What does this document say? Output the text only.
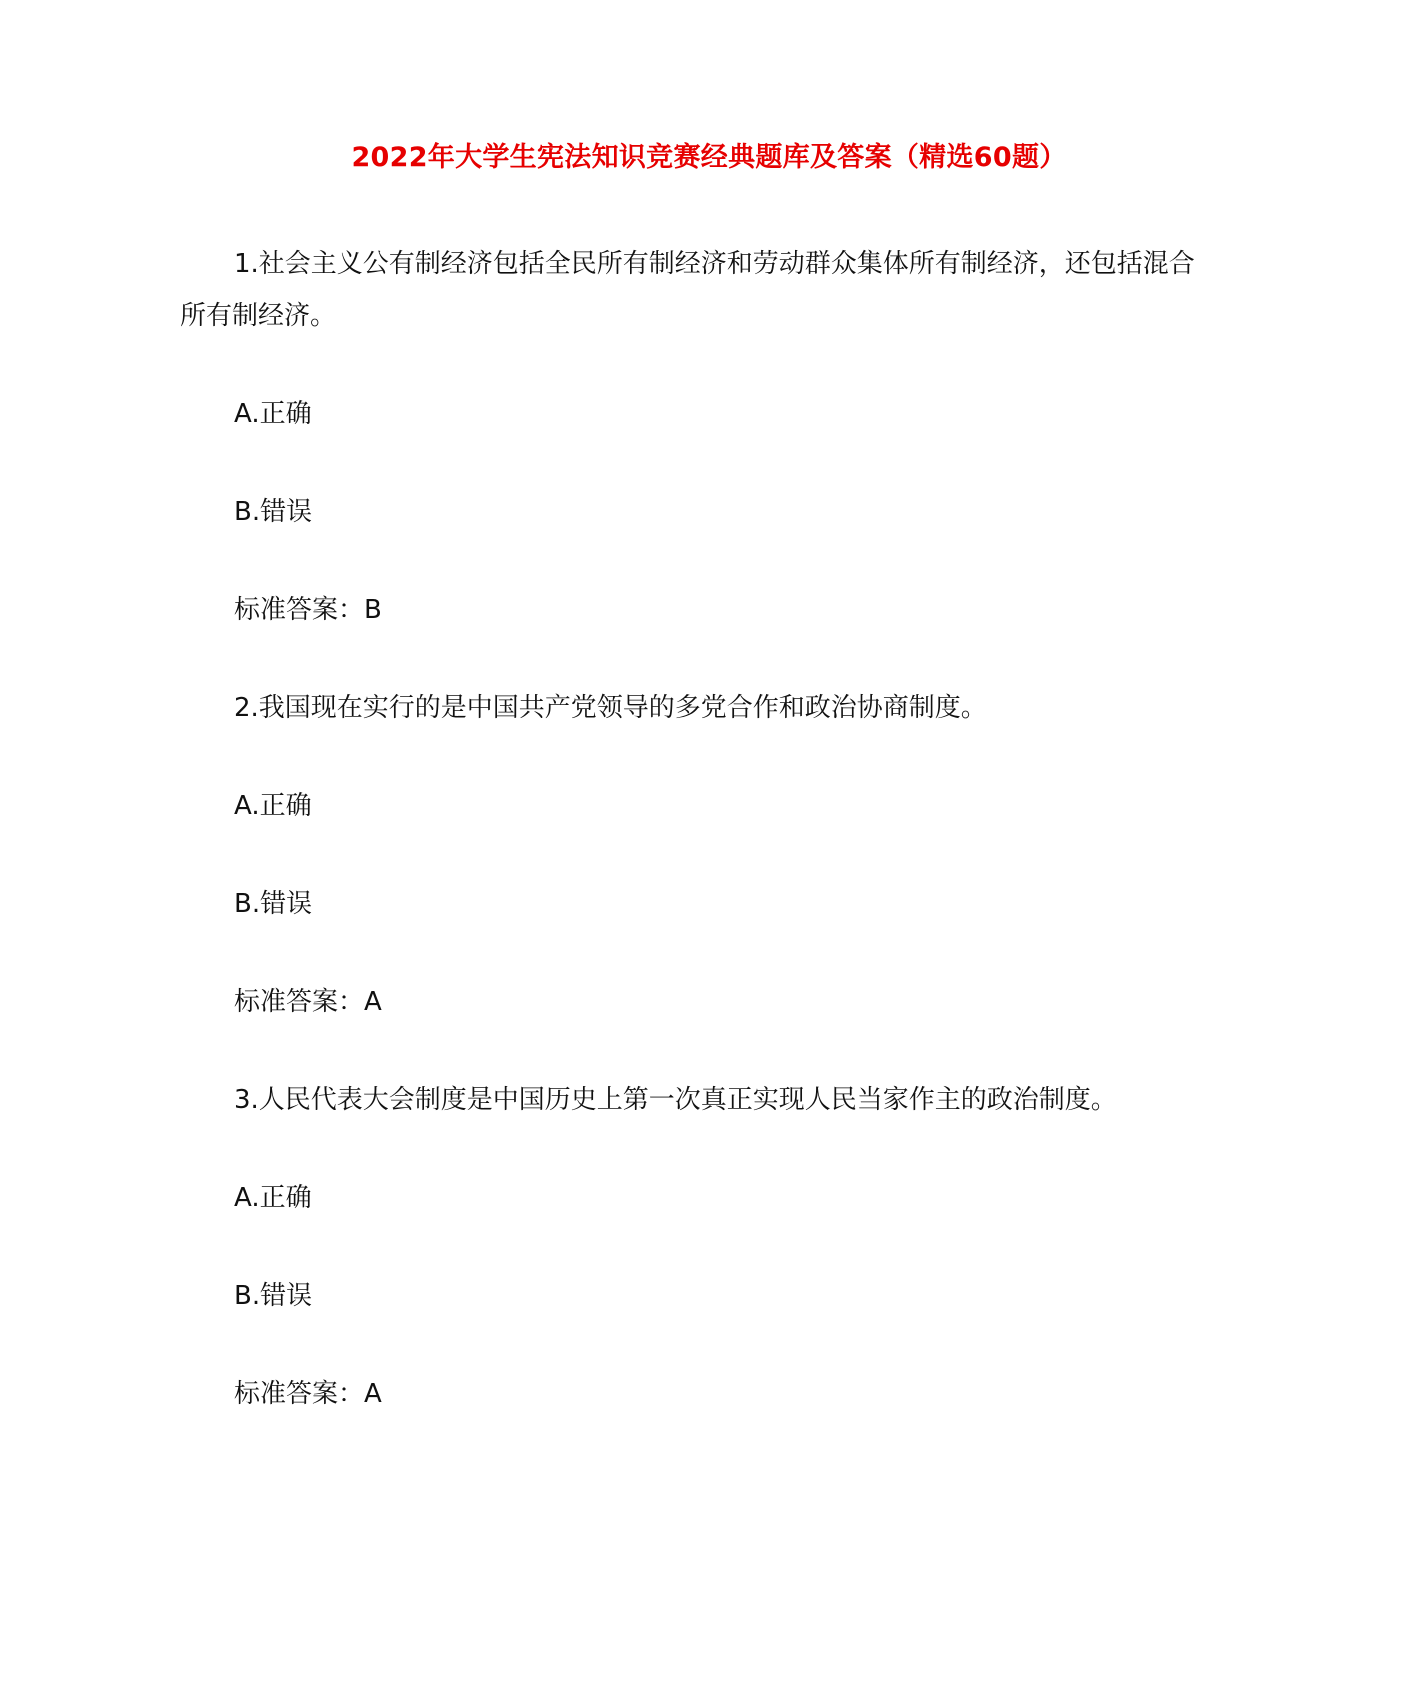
2022年大学生宪法知识竞赛经典题库及答案（精选60题）
1.社会主义公有制经济包括全民所有制经济和劳动群众集体所有制经济，还包括混合
所有制经济。
A.正确
B.错误
标准答案：B
2.我国现在实行的是中国共产党领导的多党合作和政治协商制度。
A.正确
B.错误
标准答案：A
3.人民代表大会制度是中国历史上第一次真正实现人民当家作主的政治制度。
A.正确
B.错误
标准答案：A
